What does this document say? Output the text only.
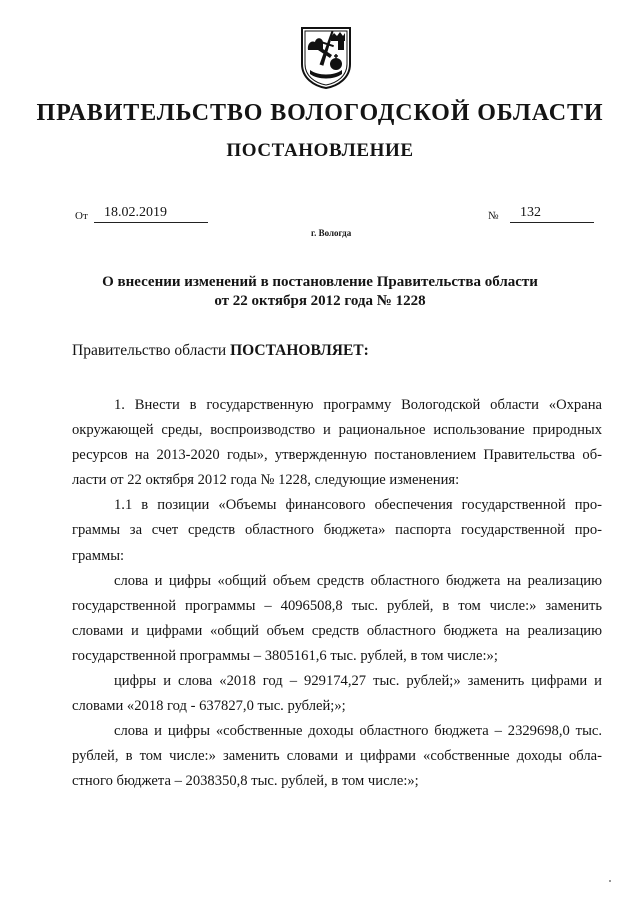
ПРАВИТЕЛЬСТВО ВОЛОГОДСКОЙ ОБЛАСТИ
ПОСТАНОВЛЕНИЕ
От 18.02.2019	№ 132
г. Вологда
О внесении изменений в постановление Правительства области
от 22 октября 2012 года № 1228
Правительство области ПОСТАНОВЛЯЕТ:
1. Внести в государственную программу Вологодской области «Охрана
окружающей среды, воспроизводство и рациональное использование природных
ресурсов на 2013-2020 годы», утвержденную постановлением Правительства об-
ласти от 22 октября 2012 года № 1228, следующие изменения:
1.1 в позиции «Объемы финансового обеспечения государственной про-
граммы за счет средств областного бюджета» паспорта государственной про-
граммы:
слова и цифры «общий объем средств областного бюджета на реализацию
государственной программы – 4096508,8 тыс. рублей, в том числе:» заменить
словами и цифрами «общий объем средств областного бюджета на реализацию
государственной программы – 3805161,6 тыс. рублей, в том числе:»;
цифры и слова «2018 год – 929174,27 тыс. рублей;» заменить цифрами и
словами «2018 год - 637827,0 тыс. рублей;»;
слова и цифры «собственные доходы областного бюджета – 2329698,0 тыс.
рублей, в том числе:» заменить словами и цифрами «собственные доходы обла-
стного бюджета – 2038350,8 тыс. рублей, в том числе:»;
